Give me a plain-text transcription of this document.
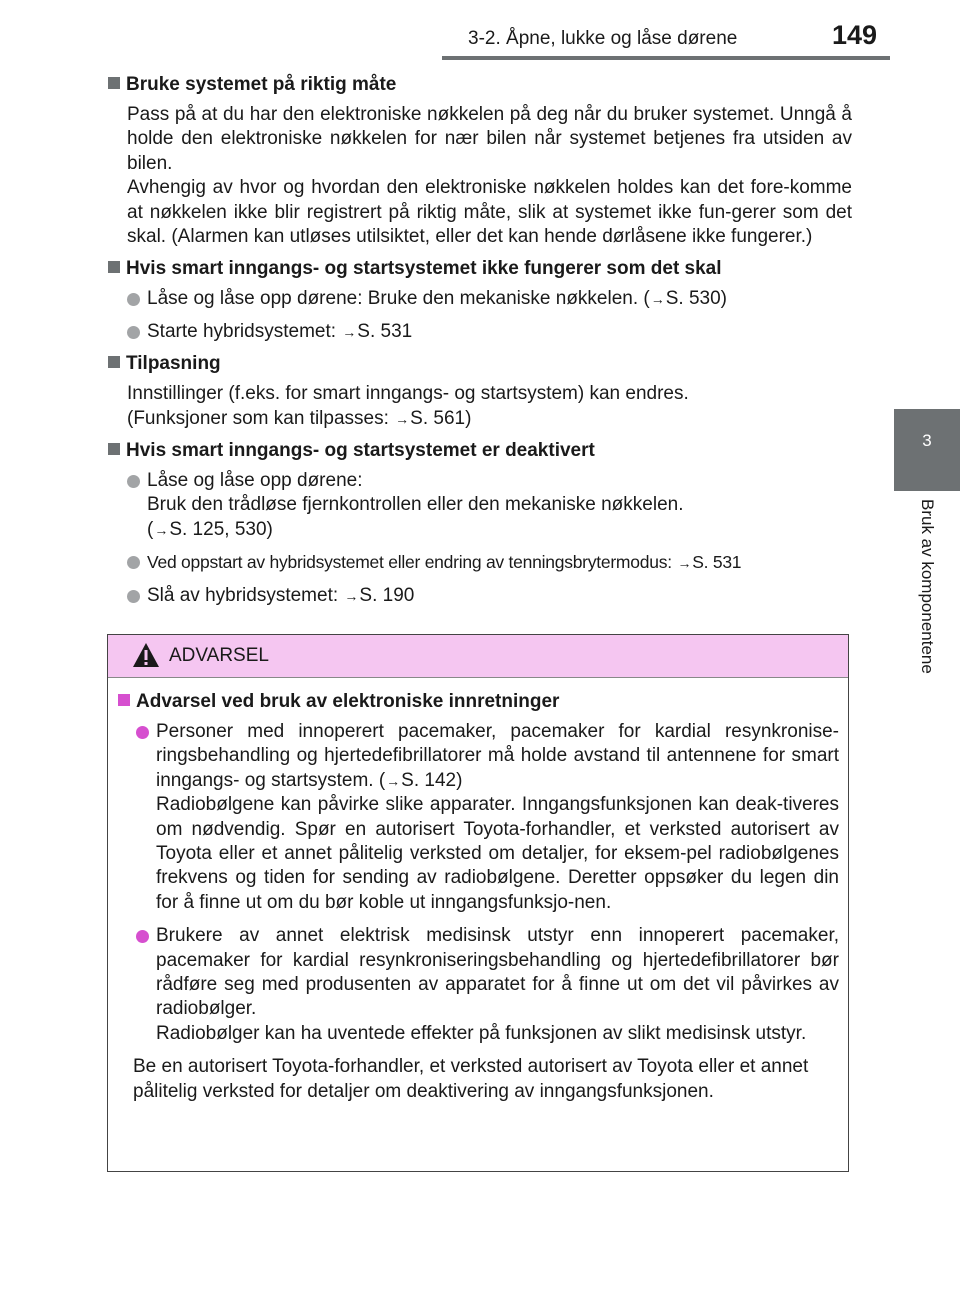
3-2. Åpne, lukke og låse dørene	149
3
Bruk av komponentene
Bruke systemet på riktig måte
Pass på at du har den elektroniske nøkkelen på deg når du bruker systemet. Unngå å holde den elektroniske nøkkelen for nær bilen når systemet betjenes fra utsiden av bilen.
Avhengig av hvor og hvordan den elektroniske nøkkelen holdes kan det fore-komme at nøkkelen ikke blir registrert på riktig måte, slik at systemet ikke fun-gerer som det skal. (Alarmen kan utløses utilsiktet, eller det kan hende dørlåsene ikke fungerer.)
Hvis smart inngangs- og startsystemet ikke fungerer som det skal
Låse og låse opp dørene: Bruke den mekaniske nøkkelen. (→S. 530)
Starte hybridsystemet: →S. 531
Tilpasning
Innstillinger (f.eks. for smart inngangs- og startsystem) kan endres.
(Funksjoner som kan tilpasses: →S. 561)
Hvis smart inngangs- og startsystemet er deaktivert
Låse og låse opp dørene:
Bruk den trådløse fjernkontrollen eller den mekaniske nøkkelen.
(→S. 125, 530)
Ved oppstart av hybridsystemet eller endring av tenningsbrytermodus: →S. 531
Slå av hybridsystemet: →S. 190
ADVARSEL
Advarsel ved bruk av elektroniske innretninger
Personer med innoperert pacemaker, pacemaker for kardial resynkronise-ringsbehandling og hjertedefibrillatorer må holde avstand til antennene for smart inngangs- og startsystem. (→S. 142)
Radiobølgene kan påvirke slike apparater. Inngangsfunksjonen kan deak-tiveres om nødvendig. Spør en autorisert Toyota-forhandler, et verksted autorisert av Toyota eller et annet pålitelig verksted om detaljer, for eksem-pel radiobølgenes frekvens og tiden for sending av radiobølgene. Deretter oppsøker du legen din for å finne ut om du bør koble ut inngangsfunksjo-nen.
Brukere av annet elektrisk medisinsk utstyr enn innoperert pacemaker, pacemaker for kardial resynkroniseringsbehandling og hjertedefibrillatorer bør rådføre seg med produsenten av apparatet for å finne ut om det vil påvirkes av radiobølger.
Radiobølger kan ha uventede effekter på funksjonen av slikt medisinsk utstyr.
Be en autorisert Toyota-forhandler, et verksted autorisert av Toyota eller et annet pålitelig verksted for detaljer om deaktivering av inngangsfunksjonen.
